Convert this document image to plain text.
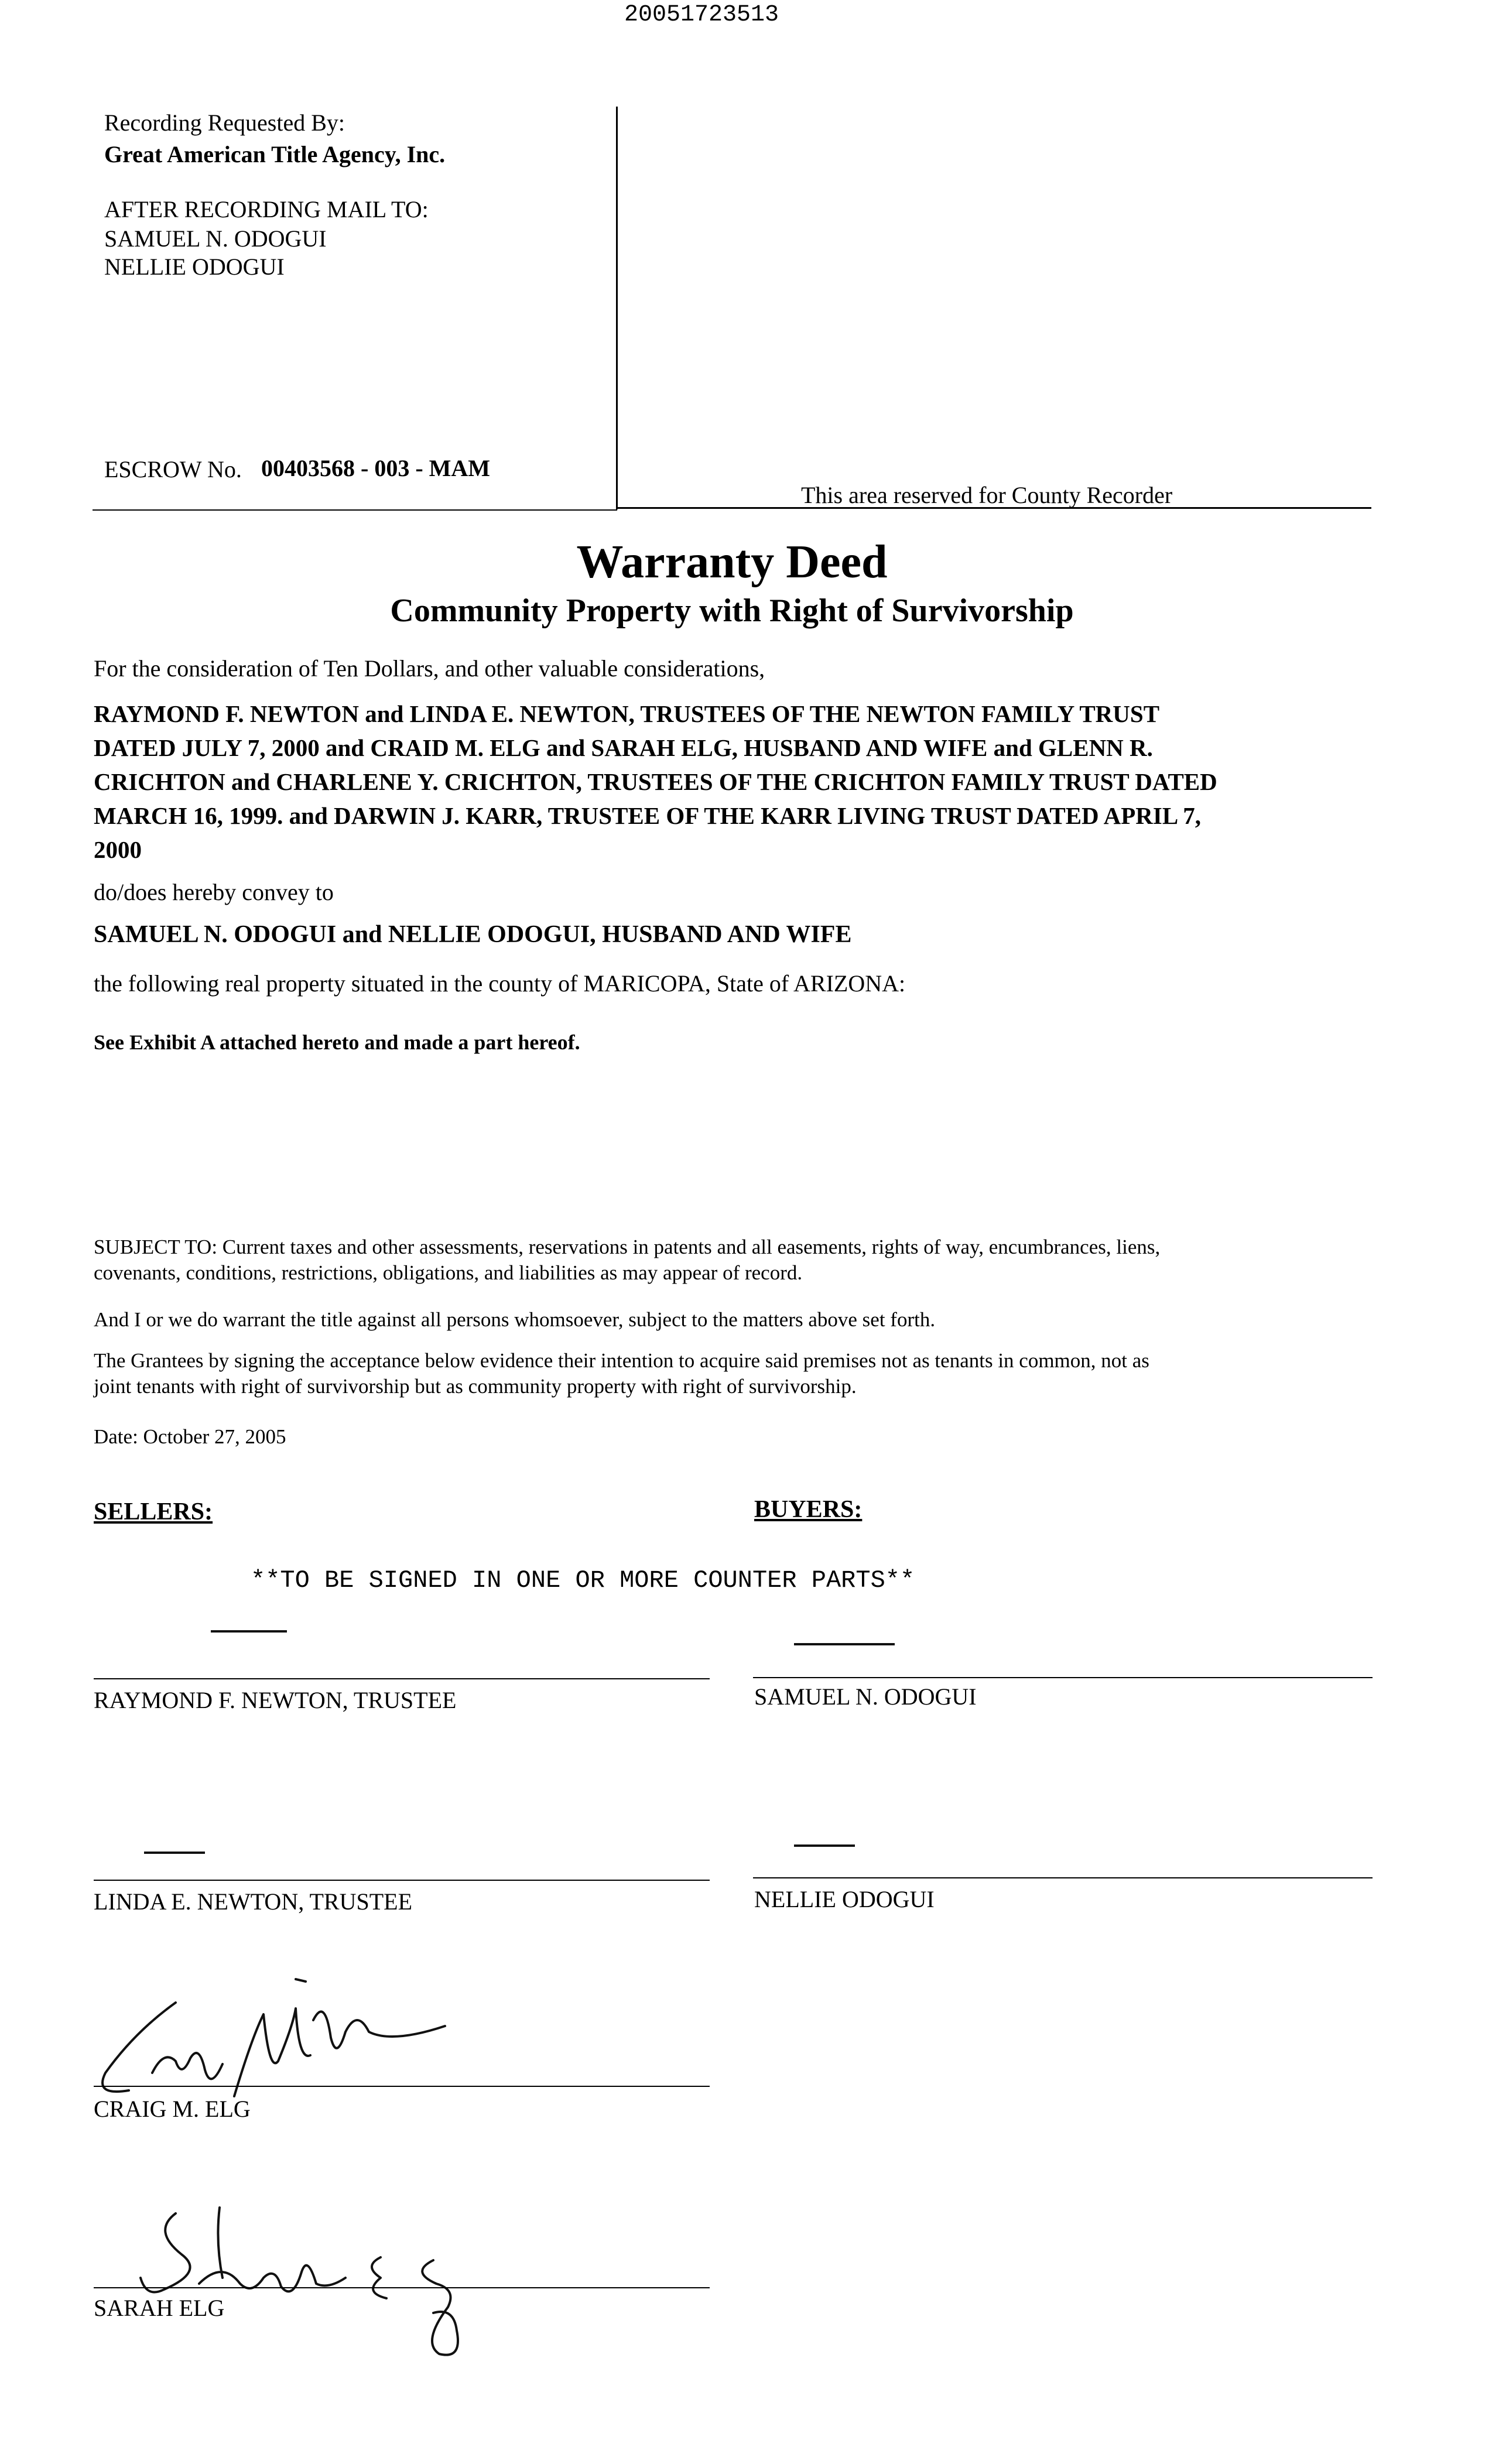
20051723513
Recording Requested By:
Great American Title Agency, Inc.
AFTER RECORDING MAIL TO:
SAMUEL N. ODOGUI
NELLIE ODOGUI
ESCROW No. 00403568 - 003 - MAM
This area reserved for County Recorder
Warranty Deed
Community Property with Right of Survivorship
For the consideration of Ten Dollars, and other valuable considerations,
RAYMOND F. NEWTON and LINDA E. NEWTON, TRUSTEES OF THE NEWTON FAMILY TRUST
DATED JULY 7, 2000 and CRAID M. ELG and SARAH ELG, HUSBAND AND WIFE and GLENN R.
CRICHTON and CHARLENE Y. CRICHTON, TRUSTEES OF THE CRICHTON FAMILY TRUST DATED
MARCH 16, 1999. and DARWIN J. KARR, TRUSTEE OF THE KARR LIVING TRUST DATED APRIL 7,
2000
do/does hereby convey to
SAMUEL N. ODOGUI and NELLIE ODOGUI, HUSBAND AND WIFE
the following real property situated in the county of MARICOPA, State of ARIZONA:
See Exhibit A attached hereto and made a part hereof.
SUBJECT TO: Current taxes and other assessments, reservations in patents and all easements, rights of way, encumbrances, liens,
covenants, conditions, restrictions, obligations, and liabilities as may appear of record.
And I or we do warrant the title against all persons whomsoever, subject to the matters above set forth.
The Grantees by signing the acceptance below evidence their intention to acquire said premises not as tenants in common, not as
joint tenants with right of survivorship but as community property with right of survivorship.
Date: October 27, 2005
SELLERS:	BUYERS:
**TO BE SIGNED IN ONE OR MORE COUNTER PARTS**
RAYMOND F. NEWTON, TRUSTEE	SAMUEL N. ODOGUI
LINDA E. NEWTON, TRUSTEE	NELLIE ODOGUI
CRAIG M. ELG
SARAH ELG
